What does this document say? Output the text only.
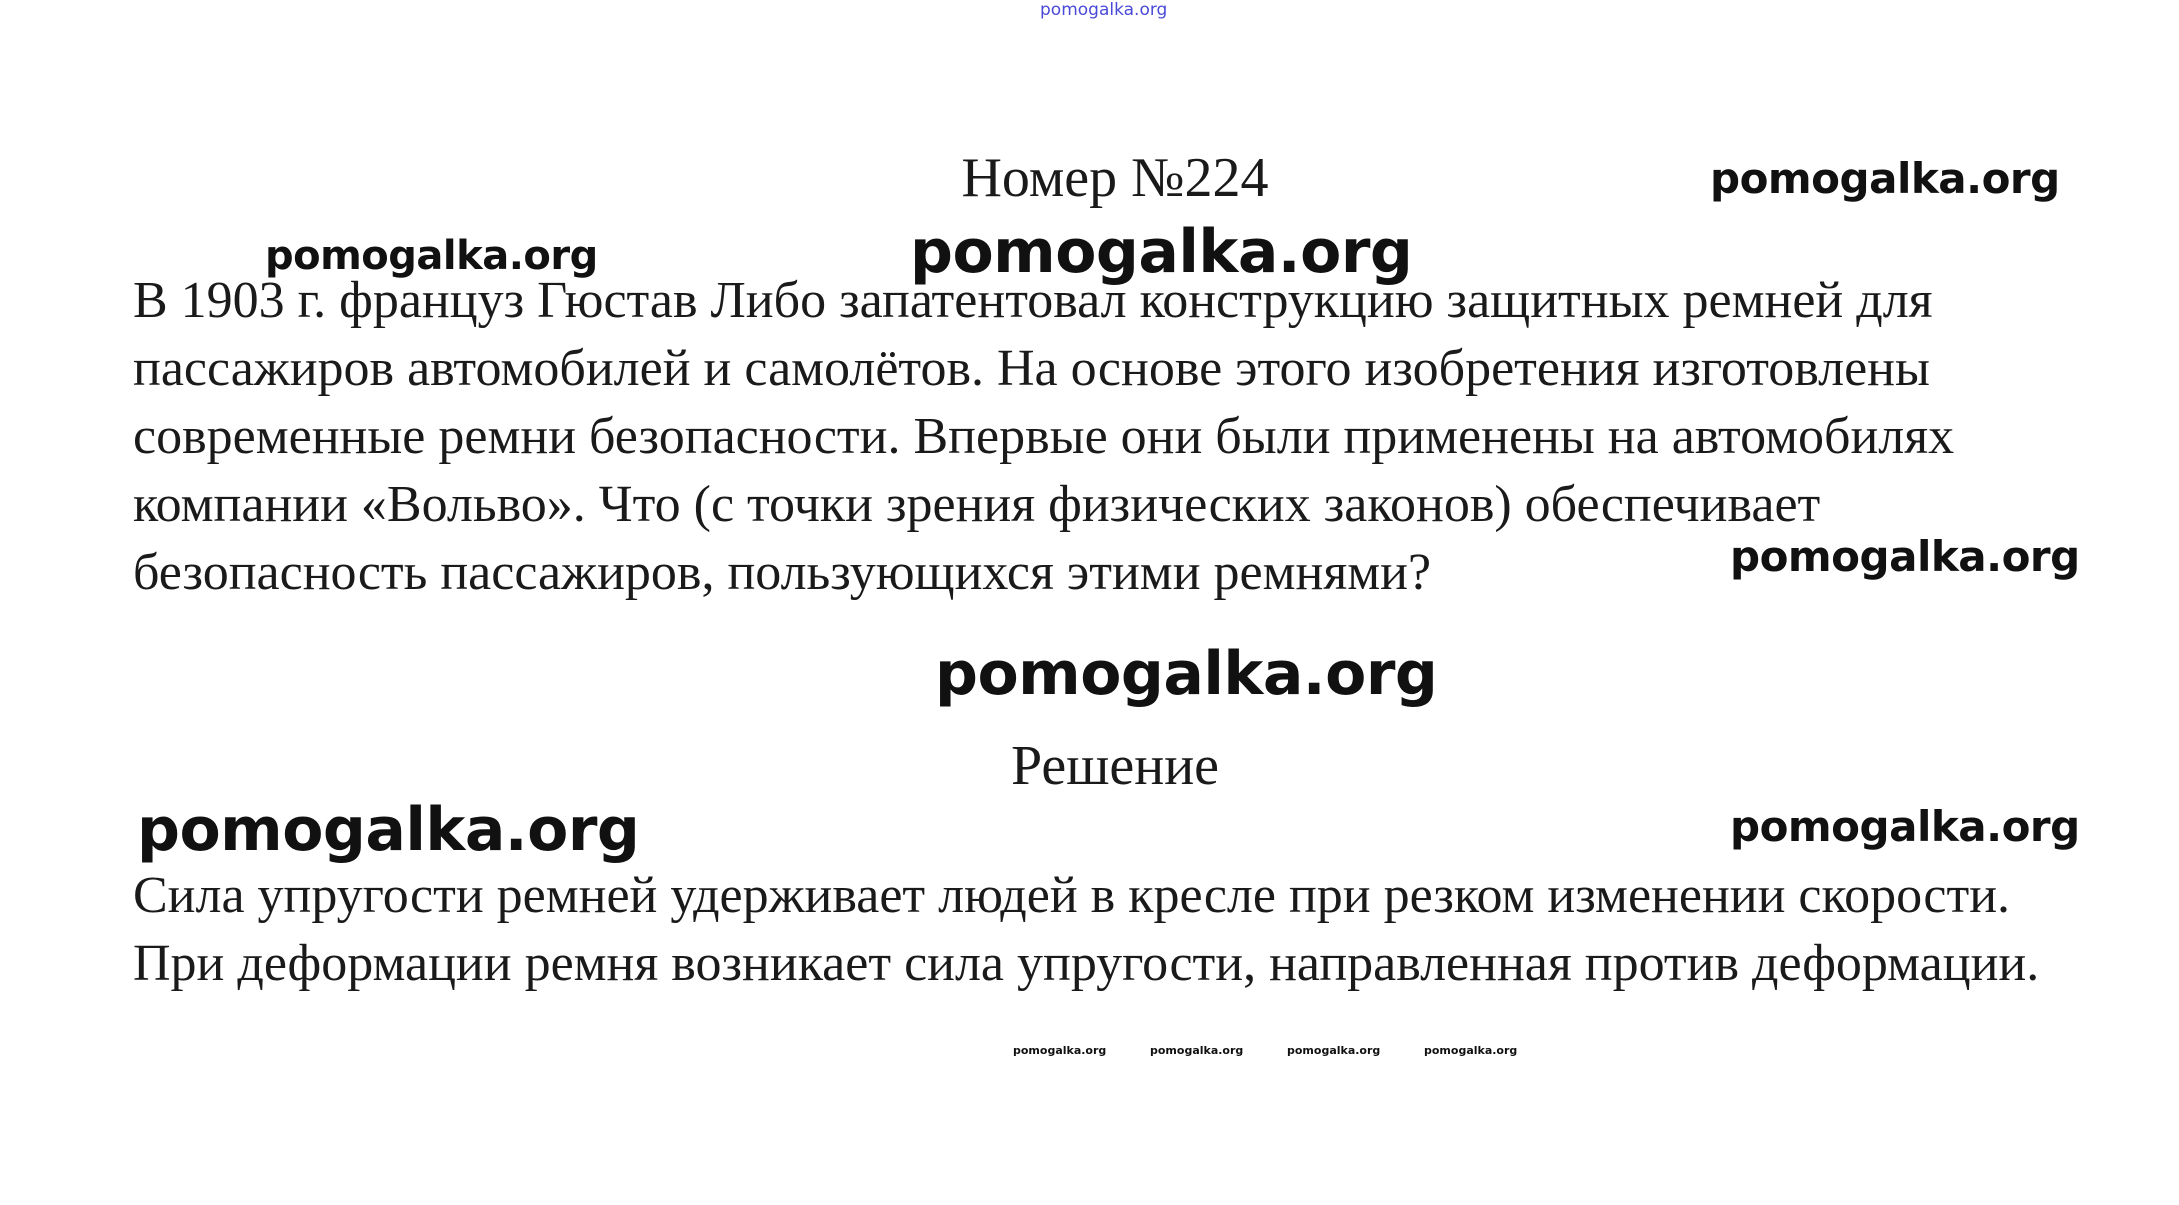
pomogalka.org
Номер №224

В 1903 г. француз Гюстав Либо запатентовал конструкцию защитных ремней для пассажиров автомобилей и самолётов. На основе этого изобретения изготовлены современные ремни безопасности. Впервые они были применены на автомобилях компании «Вольво». Что (с точки зрения физических законов) обеспечивает безопасность пассажиров, пользующихся этими ремнями?

Решение

Сила упругости ремней удерживает людей в кресле при резком изменении скорости. При деформации ремня возникает сила упругости, направленная против деформации.

pomogalka.org
pomogalka.org	pomogalka.org
pomogalka.org
pomogalka.org
pomogalka.org	pomogalka.org
pomogalka.org	pomogalka.org	pomogalka.org	pomogalka.org
